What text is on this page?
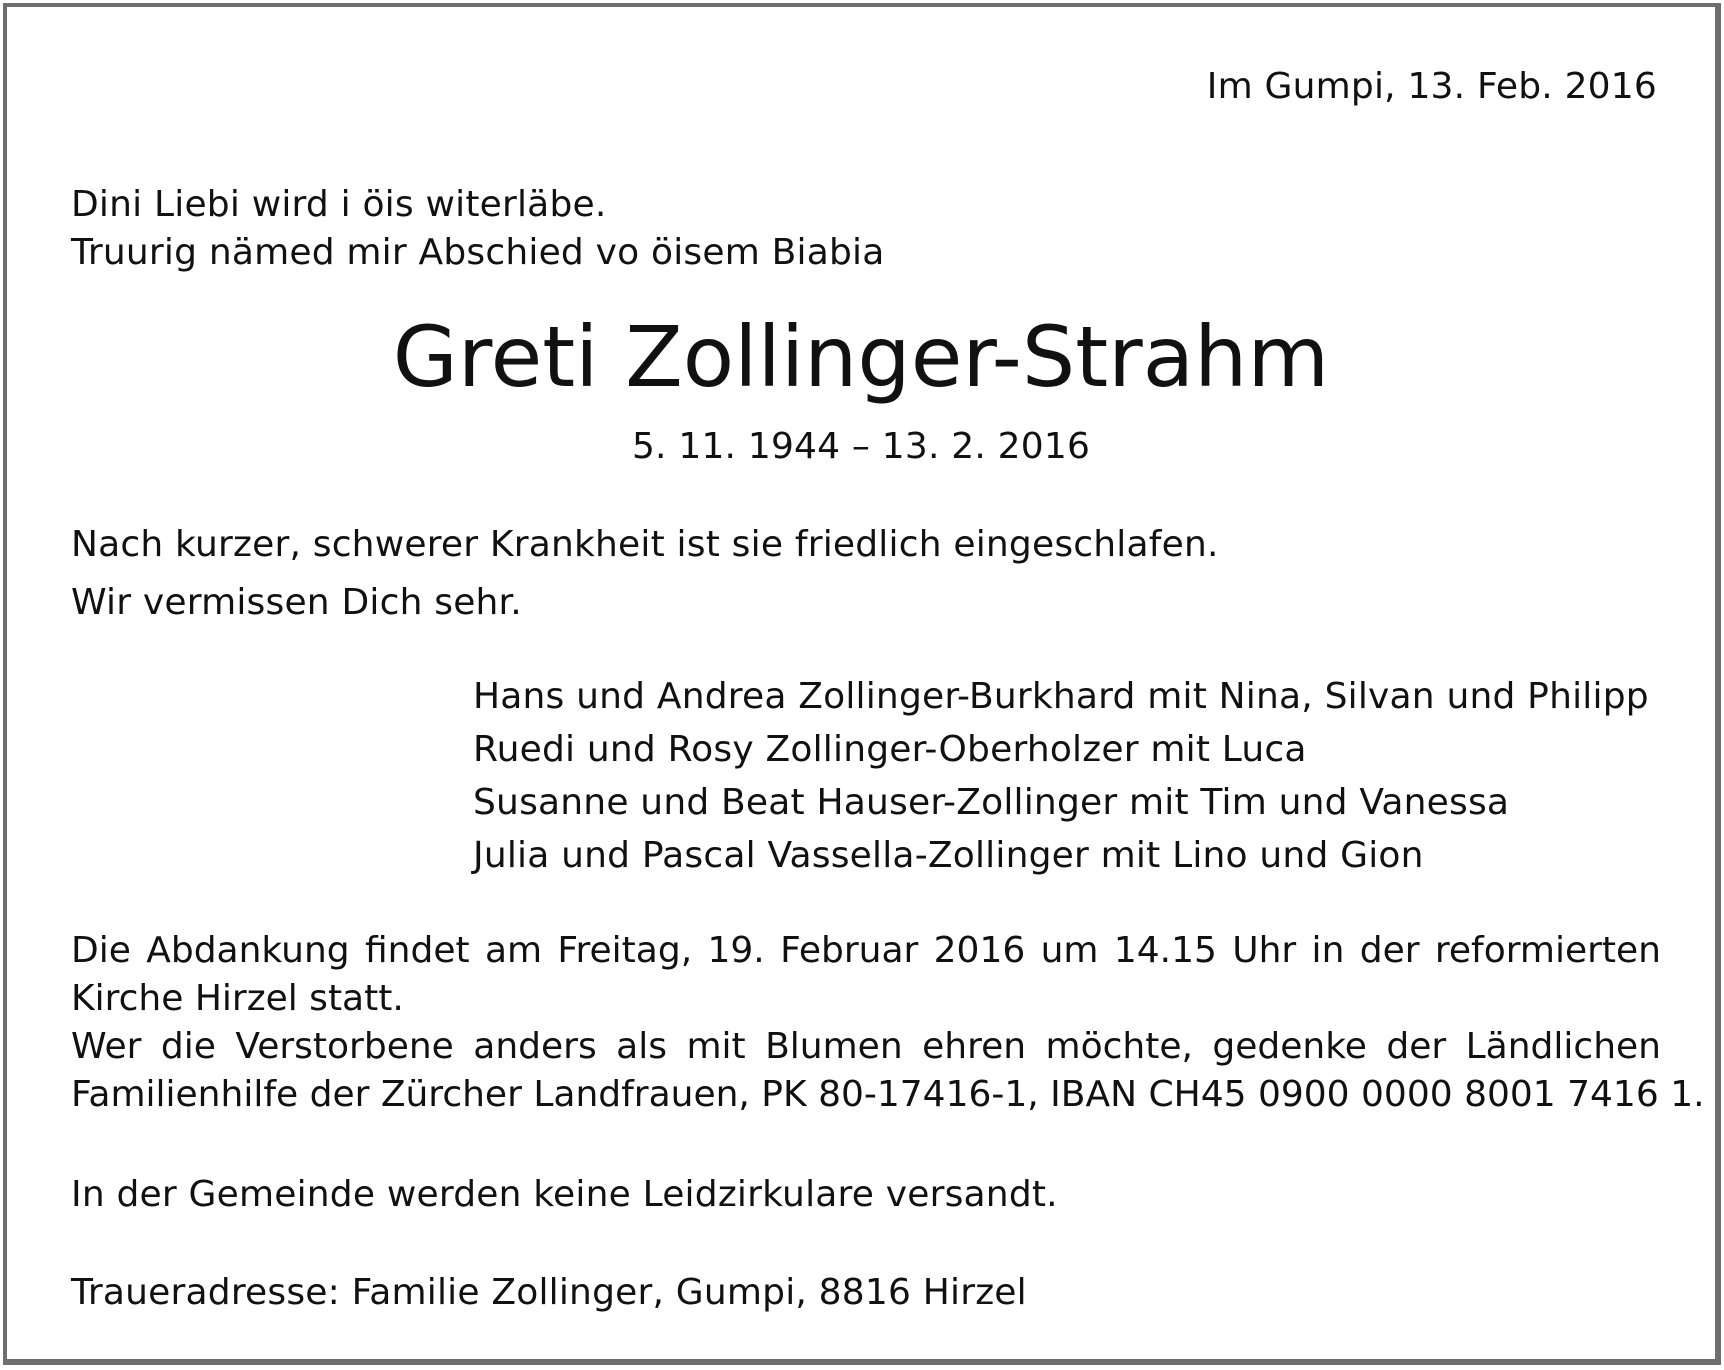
Im Gumpi, 13. Feb. 2016
Dini Liebi wird i öis witerläbe.
Truurig nämed mir Abschied vo öisem Biabia
Greti Zollinger-Strahm
5. 11. 1944 – 13. 2. 2016
Nach kurzer, schwerer Krankheit ist sie friedlich eingeschlafen.
Wir vermissen Dich sehr.
Hans und Andrea Zollinger-Burkhard mit Nina, Silvan und Philipp
Ruedi und Rosy Zollinger-Oberholzer mit Luca
Susanne und Beat Hauser-Zollinger mit Tim und Vanessa
Julia und Pascal Vassella-Zollinger mit Lino und Gion
Die Abdankung findet am Freitag, 19. Februar 2016 um 14.15 Uhr in der reformierten
Kirche Hirzel statt.
Wer die Verstorbene anders als mit Blumen ehren möchte, gedenke der Ländlichen
Familienhilfe der Zürcher Landfrauen, PK 80-17416-1, IBAN CH45 0900 0000 8001 7416 1.
In der Gemeinde werden keine Leidzirkulare versandt.
Traueradresse: Familie Zollinger, Gumpi, 8816 Hirzel
